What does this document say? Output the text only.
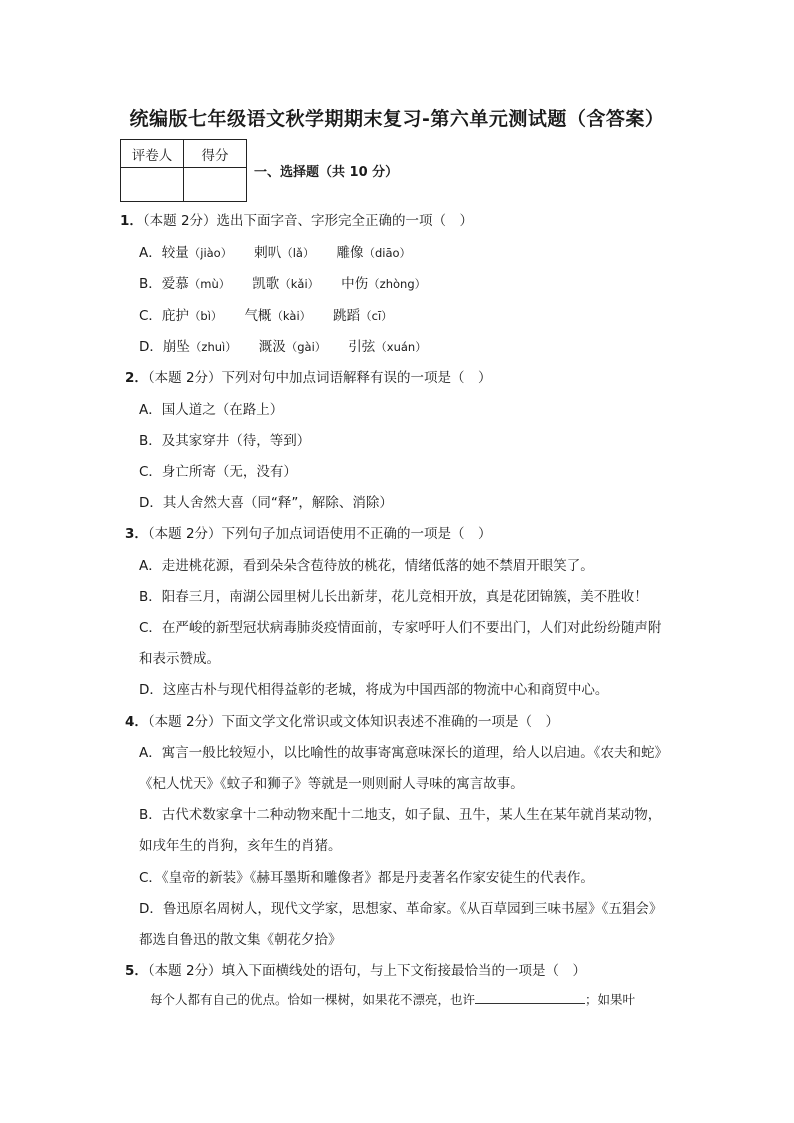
统编版七年级语文秋学期期末复习-第六单元测试题（含答案）
评卷人	得分

一、选择题（共 10 分）
1．（本题 2分）选出下面字音、字形完全正确的一项（　）
A．较量（jiào） 剌叭（lǎ） 雕像（diāo）
B．爱慕（mù） 凯歌（kǎi） 中伤（zhòng）
C．庇护（bì） 气概（kài） 跳蹈（cī）
D．崩坠（zhuì） 溉汲（gài） 引弦（xuán）
2．（本题 2分）下列对句中加点词语解释有误的一项是（　）
A．国人道之（在路上）
B．及其家穿井（待，等到）
C．身亡所寄（无，没有）
D．其人舍然大喜（同“释”，解除、消除）
3．（本题 2分）下列句子加点词语使用不正确的一项是（　）
A．走进桃花源，看到朵朵含苞待放的桃花，情绪低落的她不禁眉开眼笑了。
B．阳春三月，南湖公园里树儿长出新芽，花儿竞相开放，真是花团锦簇，美不胜收！
C．在严峻的新型冠状病毒肺炎疫情面前，专家呼吁人们不要出门，人们对此纷纷随声附
和表示赞成。
D．这座古朴与现代相得益彰的老城，将成为中国西部的物流中心和商贸中心。
4．（本题 2分）下面文学文化常识或文体知识表述不准确的一项是（　）
A．寓言一般比较短小，以比喻性的故事寄寓意味深长的道理，给人以启迪。《农夫和蛇》
《杞人忧天》《蚊子和狮子》等就是一则则耐人寻味的寓言故事。
B．古代术数家拿十二种动物来配十二地支，如子鼠、丑牛，某人生在某年就肖某动物，
如戌年生的肖狗，亥年生的肖猪。
C．《皇帝的新装》《赫耳墨斯和雕像者》都是丹麦著名作家安徒生的代表作。
D．鲁迅原名周树人，现代文学家，思想家、革命家。《从百草园到三味书屋》《五猖会》
都选自鲁迅的散文集《朝花夕拾》
5．（本题 2分）填入下面横线处的语句，与上下文衔接最恰当的一项是（　）
每个人都有自己的优点。恰如一棵树，如果花不漂亮，也许	；如果叶
